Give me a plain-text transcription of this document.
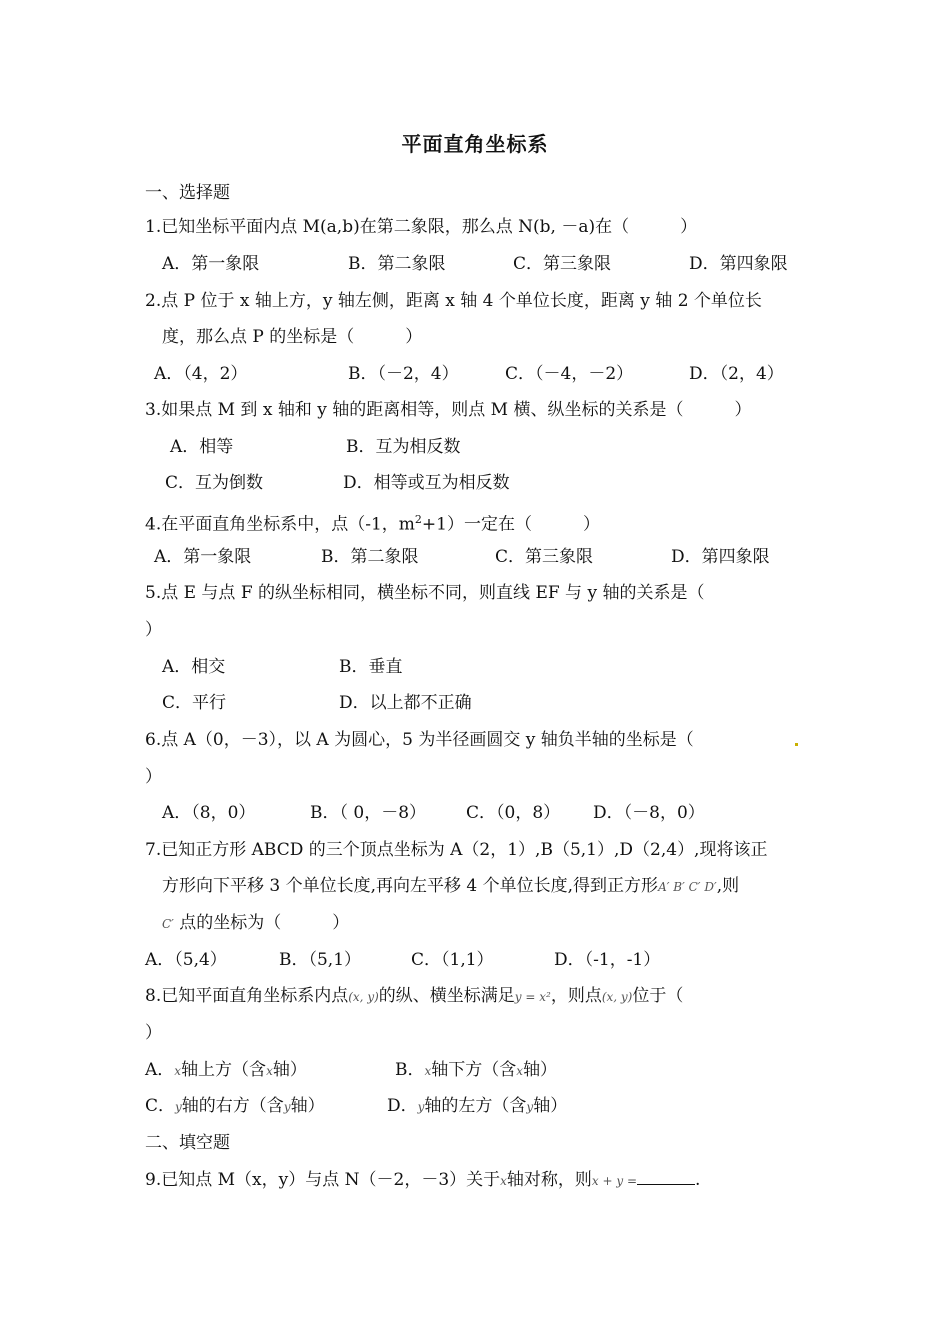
平面直角坐标系
一、选择题
1.已知坐标平面内点 M(a,b)在第二象限，那么点 N(b, －a)在（　　　）
A．第一象限	B．第二象限	C．第三象限	D．第四象限
2.点 P 位于 x 轴上方，y 轴左侧，距离 x 轴 4 个单位长度，距离 y 轴 2 个单位长
度，那么点 P 的坐标是（　　　）
A．（4，2）	B．（－2，4）	C．（－4，－2）	D．（2，4）
3.如果点 M 到 x 轴和 y 轴的距离相等，则点 M 横、纵坐标的关系是（　　　）
A．相等	B．互为相反数
C．互为倒数	D．相等或互为相反数
4.在平面直角坐标系中，点（-1，$m^2+1$）一定在（　　　）
A．第一象限	B．第二象限	C．第三象限	D．第四象限
5.点 E 与点 F 的纵坐标相同，横坐标不同，则直线 EF 与 y 轴的关系是（
）
A．相交	B．垂直
C．平行	D．以上都不正确
6.点 A（0，－3），以 A 为圆心，5 为半径画圆交 y 轴负半轴的坐标是（
）
A．（8，0）	B．（ 0，－8） C．（0，8） D．（－8，0）
7.已知正方形 ABCD 的三个顶点坐标为 A（2，1）,B（5,1）,D（2,4）,现将该正
方形向下平移 3 个单位长度,再向左平移 4 个单位长度,得到正方形A′ B′ C′ D′,则
C′ 点的坐标为（　　　）
A．（5,4）	B．（5,1）	C．（1,1）	D．（-1，-1）
8.已知平面直角坐标系内点(x, y)的纵、横坐标满足y = x²，则点(x, y)位于（
）
A．x轴上方（含x轴）	B．x轴下方（含x轴）
C．y轴的右方（含y轴）	D．y轴的左方（含y轴）
二、填空题
9.已知点 M（x，y）与点 N（－2，－3）关于x轴对称，则x + y =	.
